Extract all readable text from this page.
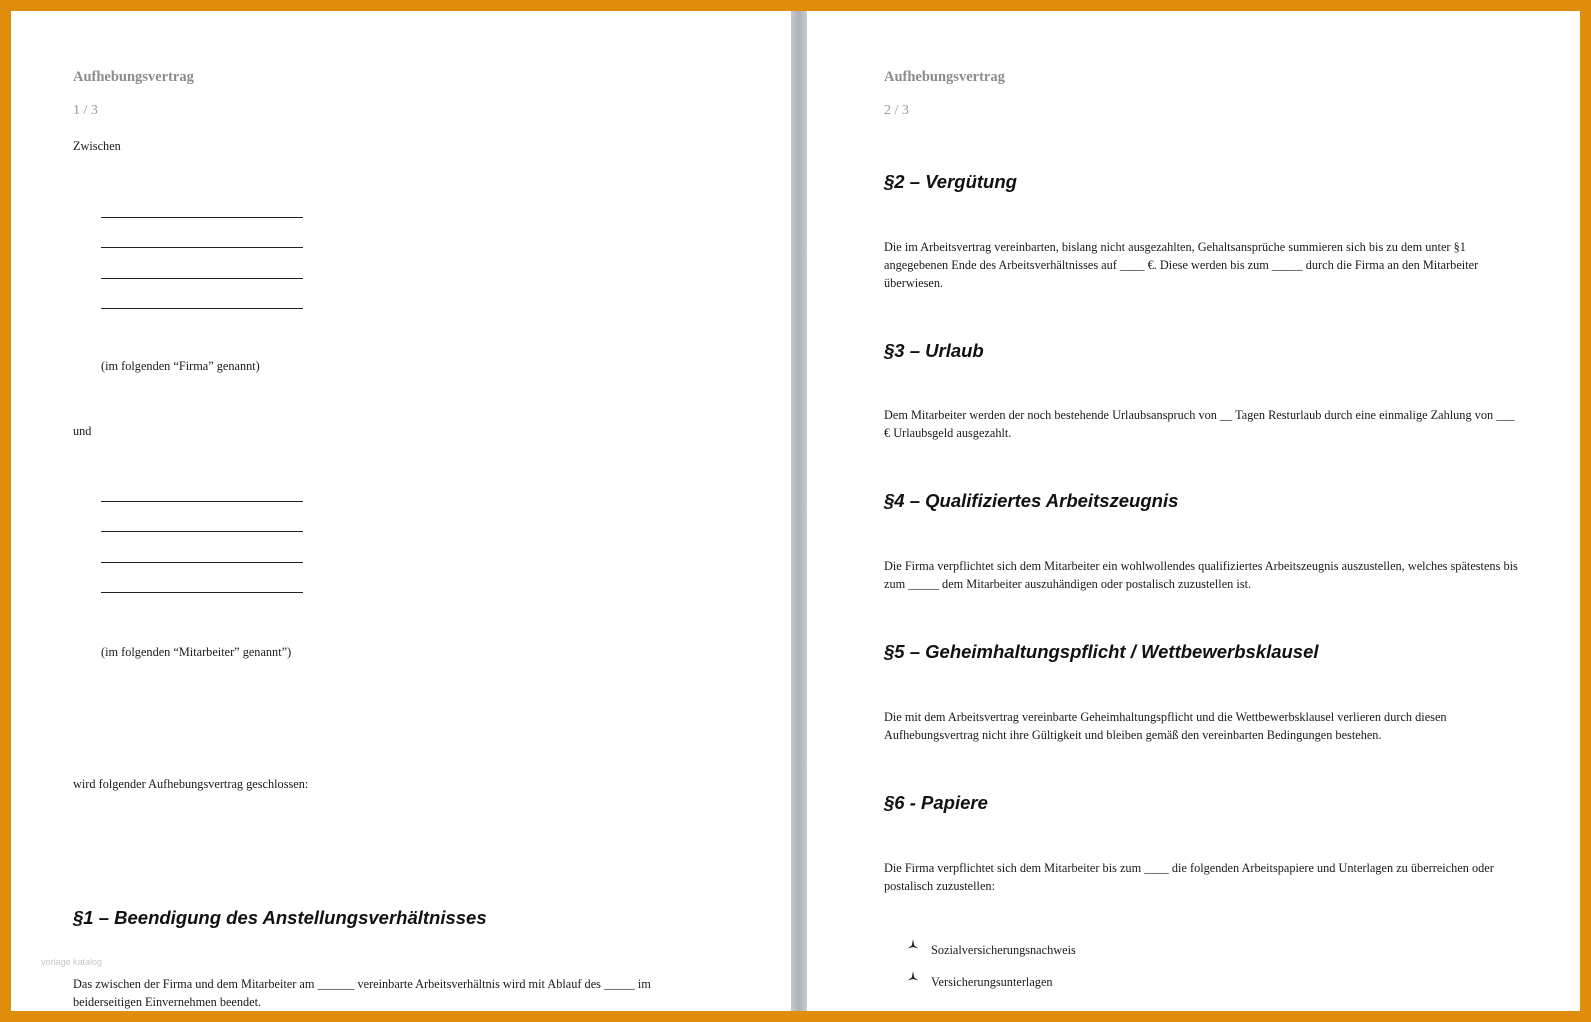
Aufhebungsvertrag
1 / 3
Zwischen
(im folgenden “Firma” genannt)
und
(im folgenden “Mitarbeiter” genannt”)
wird folgender Aufhebungsvertrag geschlossen:
§1 – Beendigung des Anstellungsverhältnisses
vorlage katalog
Das zwischen der Firma und dem Mitarbeiter am ______ vereinbarte Arbeitsverhältnis wird mit Ablauf des _____ im beiderseitigen Einvernehmen beendet.
Aufhebungsvertrag
2 / 3
§2 – Vergütung
Die im Arbeitsvertrag vereinbarten, bislang nicht ausgezahlten, Gehaltsansprüche summieren sich bis zu dem unter §1 angegebenen Ende des Arbeitsverhältnisses auf ____ €. Diese werden bis zum _____ durch die Firma an den Mitarbeiter überwiesen.
§3 – Urlaub
Dem Mitarbeiter werden der noch bestehende Urlaubsanspruch von __ Tagen Resturlaub durch eine einmalige Zahlung von ___ € Urlaubsgeld ausgezahlt.
§4 – Qualifiziertes Arbeitszeugnis
Die Firma verpflichtet sich dem Mitarbeiter ein wohlwollendes qualifiziertes Arbeitszeugnis auszustellen, welches spätestens bis zum _____ dem Mitarbeiter auszuhändigen oder postalisch zuzustellen ist.
§5 – Geheimhaltungspflicht / Wettbewerbsklausel
Die mit dem Arbeitsvertrag vereinbarte Geheimhaltungspflicht und die Wettbewerbsklausel verlieren durch diesen Aufhebungsvertrag nicht ihre Gültigkeit und bleiben gemäß den vereinbarten Bedingungen bestehen.
§6 - Papiere
Die Firma verpflichtet sich dem Mitarbeiter bis zum ____ die folgenden Arbeitspapiere und Unterlagen zu überreichen oder postalisch zuzustellen:
Sozialversicherungsnachweis
Versicherungsunterlagen
